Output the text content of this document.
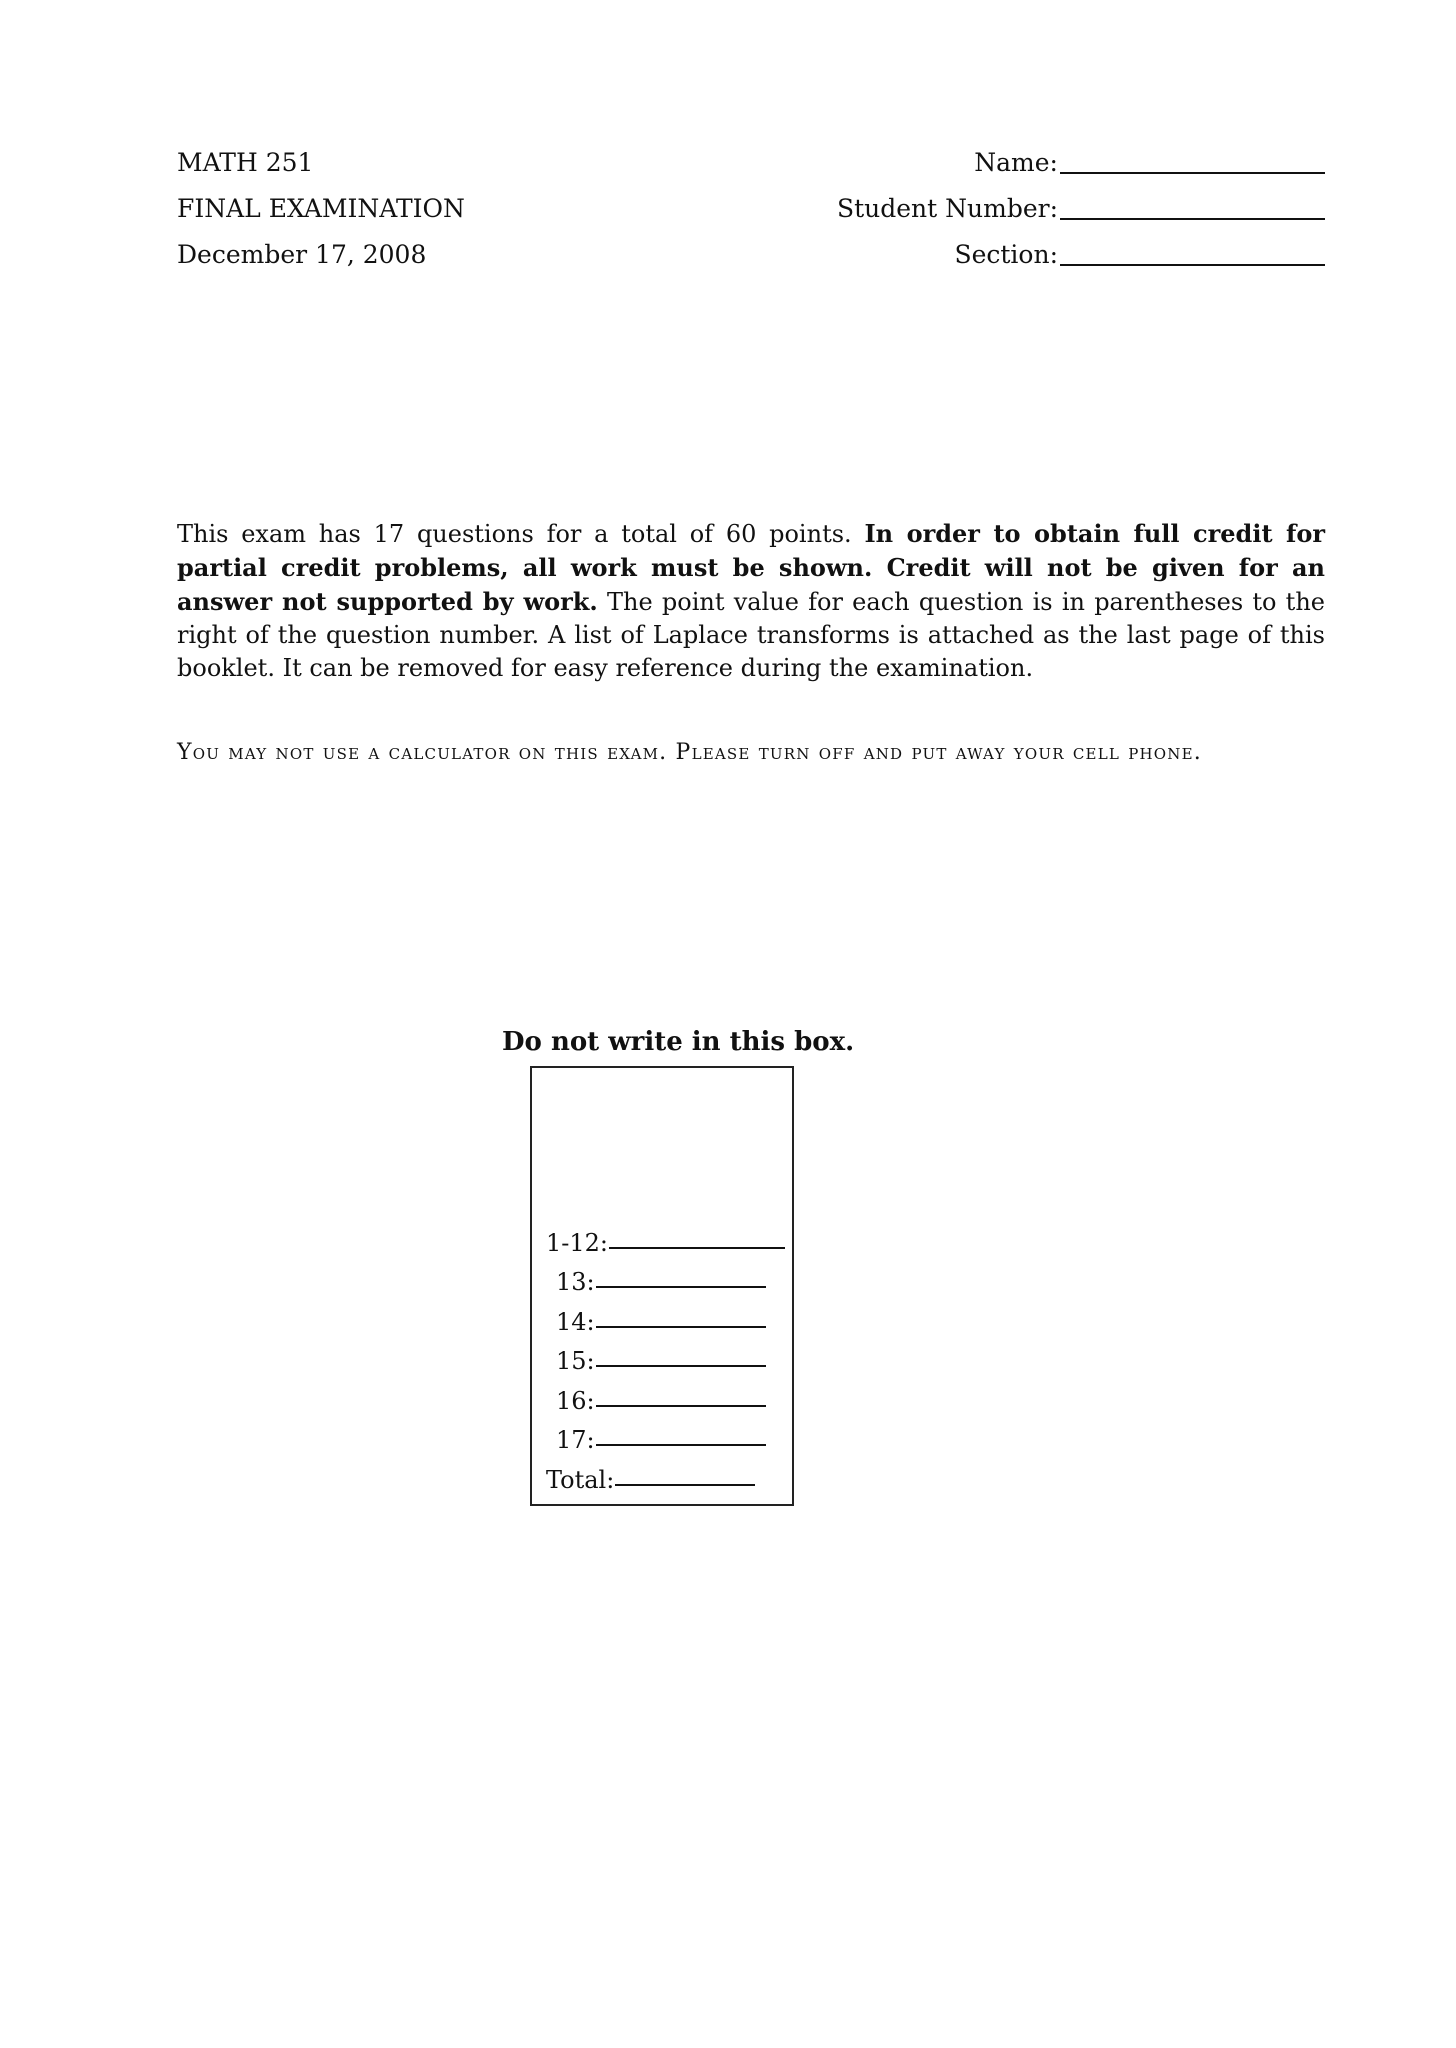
MATH 251
FINAL EXAMINATION
December 17, 2008
Name:
Student Number:
Section:
This exam has 17 questions for a total of 60 points. In order to obtain full credit for partial credit problems, all work must be shown. Credit will not be given for an answer not supported by work. The point value for each question is in parentheses to the right of the question number. A list of Laplace transforms is attached as the last page of this booklet. It can be removed for easy reference during the examination.
You may not use a calculator on this exam. Please turn off and put away your cell phone.
Do not write in this box.
1-12:
13:
14:
15:
16:
17:
Total:
